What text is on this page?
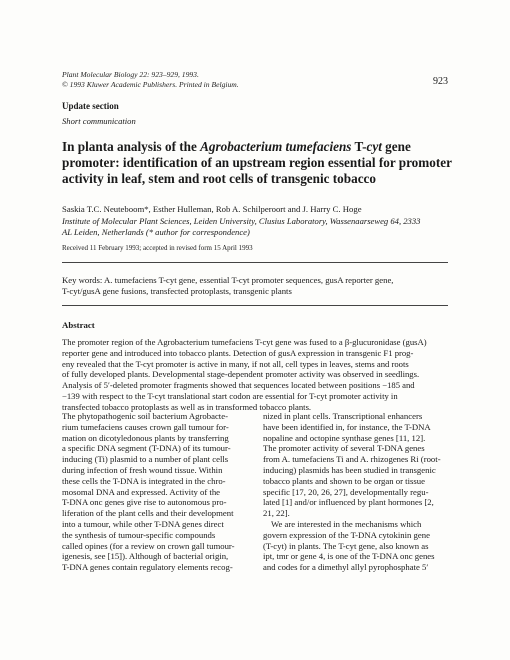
Plant Molecular Biology 22: 923–929, 1993.
© 1993 Kluwer Academic Publishers. Printed in Belgium.	923
Update section
Short communication
In planta analysis of the Agrobacterium tumefaciens T-cyt gene
promoter: identification of an upstream region essential for promoter
activity in leaf, stem and root cells of transgenic tobacco
Saskia T.C. Neuteboom*, Esther Hulleman, Rob A. Schilperoort and J. Harry C. Hoge
Institute of Molecular Plant Sciences, Leiden University, Clusius Laboratory, Wassenaarseweg 64, 2333
AL Leiden, Netherlands (* author for correspondence)
Received 11 February 1993; accepted in revised form 15 April 1993
Key words: A. tumefaciens T-cyt gene, essential T-cyt promoter sequences, gusA reporter gene,
T-cyt/gusA gene fusions, transfected protoplasts, transgenic plants
Abstract
The promoter region of the Agrobacterium tumefaciens T-cyt gene was fused to a β-glucuronidase (gusA)
reporter gene and introduced into tobacco plants. Detection of gusA expression in transgenic F1 prog-
eny revealed that the T-cyt promoter is active in many, if not all, cell types in leaves, stems and roots
of fully developed plants. Developmental stage-dependent promoter activity was observed in seedlings.
Analysis of 5′-deleted promoter fragments showed that sequences located between positions −185 and
−139 with respect to the T-cyt translational start codon are essential for T-cyt promoter activity in
transfected tobacco protoplasts as well as in transformed tobacco plants.
The phytopathogenic soil bacterium Agrobacte-
rium tumefaciens causes crown gall tumour for-
mation on dicotyledonous plants by transferring
a specific DNA segment (T-DNA) of its tumour-
inducing (Ti) plasmid to a number of plant cells
during infection of fresh wound tissue. Within
these cells the T-DNA is integrated in the chro-
mosomal DNA and expressed. Activity of the
T-DNA onc genes give rise to autonomous pro-
liferation of the plant cells and their development
into a tumour, while other T-DNA genes direct
the synthesis of tumour-specific compounds
called opines (for a review on crown gall tumour-
igenesis, see [15]). Although of bacterial origin,
T-DNA genes contain regulatory elements recog-
nized in plant cells. Transcriptional enhancers
have been identified in, for instance, the T-DNA
nopaline and octopine synthase genes [11, 12].
The promoter activity of several T-DNA genes
from A. tumefaciens Ti and A. rhizogenes Ri (root-
inducing) plasmids has been studied in transgenic
tobacco plants and shown to be organ or tissue
specific [17, 20, 26, 27], developmentally regu-
lated [1] and/or influenced by plant hormones [2,
21, 22].
We are interested in the mechanisms which
govern expression of the T-DNA cytokinin gene
(T-cyt) in plants. The T-cyt gene, also known as
ipt, tmr or gene 4, is one of the T-DNA onc genes
and codes for a dimethyl allyl pyrophosphate 5′
